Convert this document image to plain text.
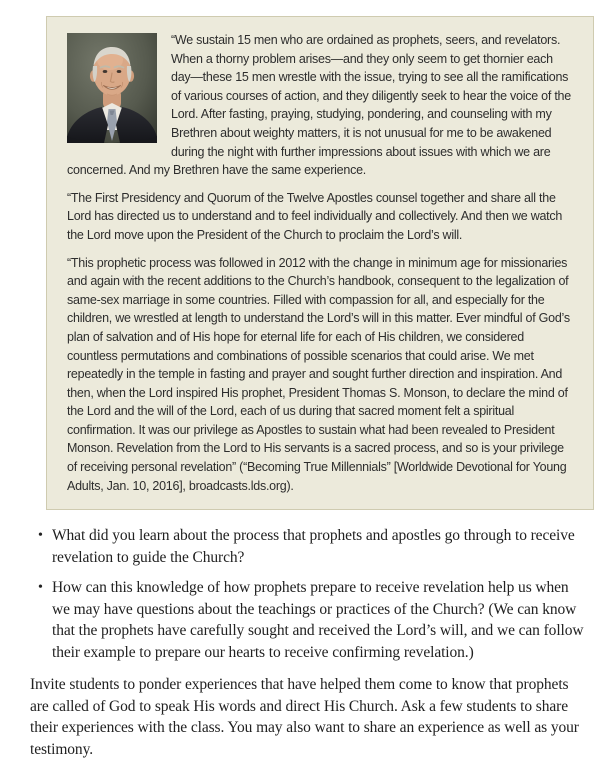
“We sustain 15 men who are ordained as prophets, seers, and revelators. When a thorny problem arises—and they only seem to get thornier each day—these 15 men wrestle with the issue, trying to see all the ramifications of various courses of action, and they diligently seek to hear the voice of the Lord. After fasting, praying, studying, pondering, and counseling with my Brethren about weighty matters, it is not unusual for me to be awakened during the night with further impressions about issues with which we are concerned. And my Brethren have the same experience.

“The First Presidency and Quorum of the Twelve Apostles counsel together and share all the Lord has directed us to understand and to feel individually and collectively. And then we watch the Lord move upon the President of the Church to proclaim the Lord’s will.

“This prophetic process was followed in 2012 with the change in minimum age for missionaries and again with the recent additions to the Church’s handbook, consequent to the legalization of same-sex marriage in some countries. Filled with compassion for all, and especially for the children, we wrestled at length to understand the Lord’s will in this matter. Ever mindful of God’s plan of salvation and of His hope for eternal life for each of His children, we considered countless permutations and combinations of possible scenarios that could arise. We met repeatedly in the temple in fasting and prayer and sought further direction and inspiration. And then, when the Lord inspired His prophet, President Thomas S. Monson, to declare the mind of the Lord and the will of the Lord, each of us during that sacred moment felt a spiritual confirmation. It was our privilege as Apostles to sustain what had been revealed to President Monson. Revelation from the Lord to His servants is a sacred process, and so is your privilege of receiving personal revelation” (“Becoming True Millennials” [Worldwide Devotional for Young Adults, Jan. 10, 2016], broadcasts.lds.org).

• What did you learn about the process that prophets and apostles go through to receive revelation to guide the Church?
• How can this knowledge of how prophets prepare to receive revelation help us when we may have questions about the teachings or practices of the Church? (We can know that the prophets have carefully sought and received the Lord’s will, and we can follow their example to prepare our hearts to receive confirming revelation.)

Invite students to ponder experiences that have helped them come to know that prophets are called of God to speak His words and direct His Church. Ask a few students to share their experiences with the class. You may also want to share an experience as well as your testimony.
